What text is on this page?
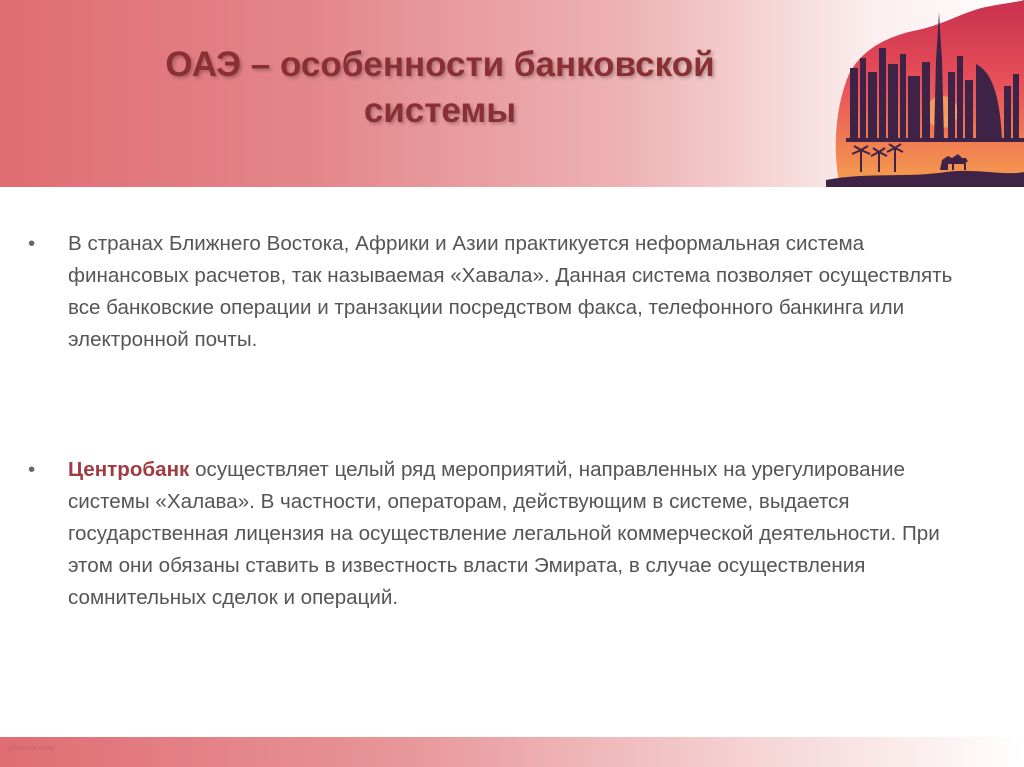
ОАЭ – особенности банковской
системы
• В странах Ближнего Востока, Африки и Азии практикуется неформальная система финансовых расчетов, так называемая «Хавала». Данная система позволяет осуществлять все банковские операции и транзакции посредством факса, телефонного банкинга или электронной почты.
• Центробанк осуществляет целый ряд мероприятий, направленных на урегулирование системы «Халава». В частности, операторам, действующим в системе, выдается государственная лицензия на осуществление легальной коммерческой деятельности. При этом они обязаны ставить в известность власти Эмирата, в случае осуществления сомнительных сделок и операций.
prezentacii.org
